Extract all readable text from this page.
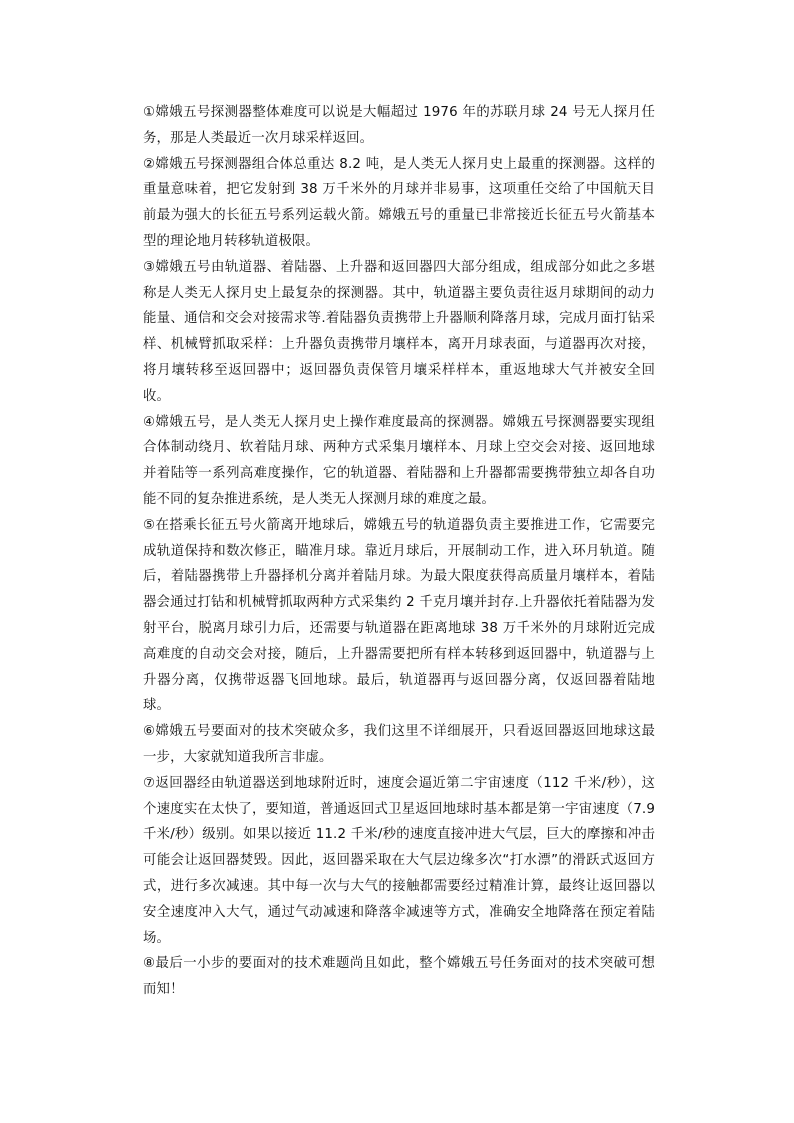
①嫦娥五号探测器整体难度可以说是大幅超过 1976 年的苏联月球 24 号无人探月任务，那是人类最近一次月球采样返回。

②嫦娥五号探测器组合体总重达 8.2 吨，是人类无人探月史上最重的探测器。这样的重量意味着，把它发射到 38 万千米外的月球并非易事，这项重任交给了中国航天目前最为强大的长征五号系列运载火箭。嫦娥五号的重量已非常接近长征五号火箭基本型的理论地月转移轨道极限。

③嫦娥五号由轨道器、着陆器、上升器和返回器四大部分组成，组成部分如此之多堪称是人类无人探月史上最复杂的探测器。其中，轨道器主要负责往返月球期间的动力能量、通信和交会对接需求等.着陆器负责携带上升器顺利降落月球，完成月面打钻采样、机械臂抓取采样：上升器负责携带月壤样本，离开月球表面，与道器再次对接，将月壤转移至返回器中；返回器负责保管月壤采样样本，重返地球大气并被安全回收。

④嫦娥五号，是人类无人探月史上操作难度最高的探测器。嫦娥五号探测器要实现组合体制动绕月、软着陆月球、两种方式采集月壤样本、月球上空交会对接、返回地球并着陆等一系列高难度操作，它的轨道器、着陆器和上升器都需要携带独立却各自功能不同的复杂推进系统，是人类无人探测月球的难度之最。

⑤在搭乘长征五号火箭离开地球后，嫦娥五号的轨道器负责主要推进工作，它需要完成轨道保持和数次修正，瞄准月球。靠近月球后，开展制动工作，进入环月轨道。随后，着陆器携带上升器择机分离并着陆月球。为最大限度获得高质量月壤样本，着陆器会通过打钻和机械臂抓取两种方式采集约 2 千克月壤并封存.上升器依托着陆器为发射平台，脱离月球引力后，还需要与轨道器在距离地球 38 万千米外的月球附近完成高难度的自动交会对接，随后，上升器需要把所有样本转移到返回器中，轨道器与上升器分离，仅携带返器飞回地球。最后，轨道器再与返回器分离，仅返回器着陆地球。

⑥嫦娥五号要面对的技术突破众多，我们这里不详细展开，只看返回器返回地球这最一步，大家就知道我所言非虚。

⑦返回器经由轨道器送到地球附近时，速度会逼近第二宇宙速度（112 千米/秒），这个速度实在太快了，要知道，普通返回式卫星返回地球时基本都是第一宇宙速度（7.9 千米/秒）级别。如果以接近 11.2 千米/秒的速度直接冲进大气层，巨大的摩擦和冲击可能会让返回器焚毁。因此，返回器采取在大气层边缘多次“打水漂”的滑跃式返回方式，进行多次减速。其中每一次与大气的接触都需要经过精准计算，最终让返回器以安全速度冲入大气，通过气动减速和降落伞减速等方式，准确安全地降落在预定着陆场。

⑧最后一小步的要面对的技术难题尚且如此，整个嫦娥五号任务面对的技术突破可想而知！
